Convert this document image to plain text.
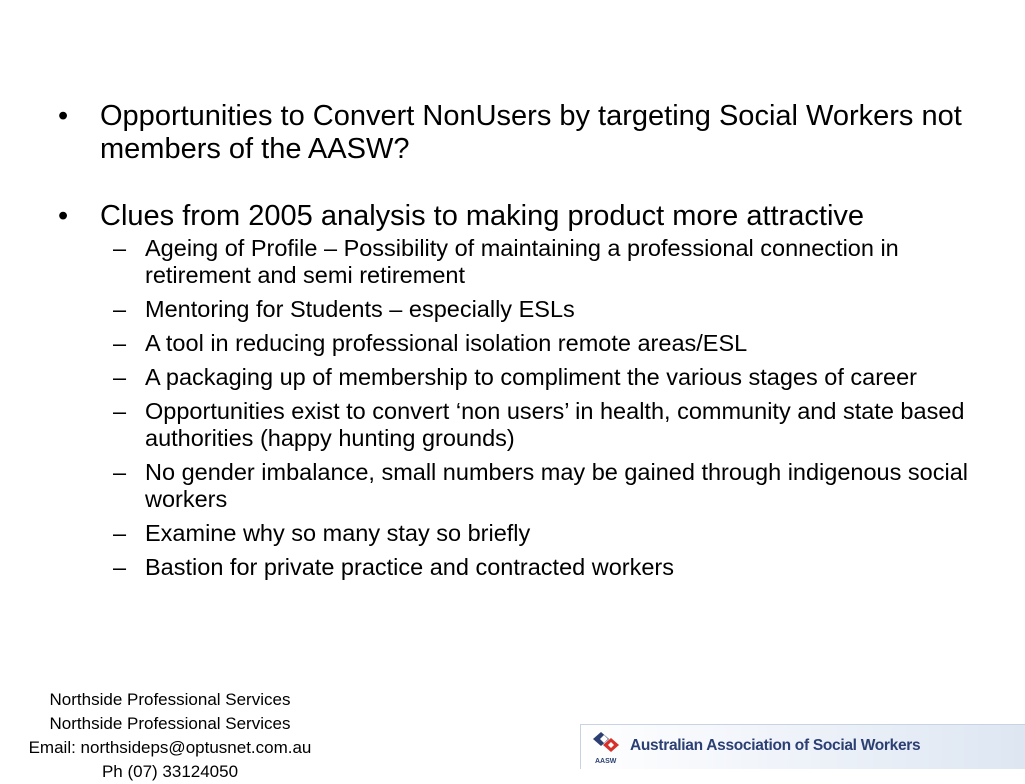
• Opportunities to Convert NonUsers by targeting Social Workers not members of the AASW?
• Clues from 2005 analysis to making product more attractive
– Ageing of Profile – Possibility of maintaining a professional connection in retirement and semi retirement
– Mentoring for Students – especially ESLs
– A tool in reducing professional isolation remote areas/ESL
– A packaging up of membership to compliment the various stages of career
– Opportunities exist to convert ‘non users’ in health, community and state based authorities (happy hunting grounds)
– No gender imbalance, small numbers may be gained through indigenous social workers
– Examine why so many stay so briefly
– Bastion for private practice and contracted workers
Northside Professional Services
Northside Professional Services
Email: northsideps@optusnet.com.au
Ph (07) 33124050
AASW
Australian Association of Social Workers
